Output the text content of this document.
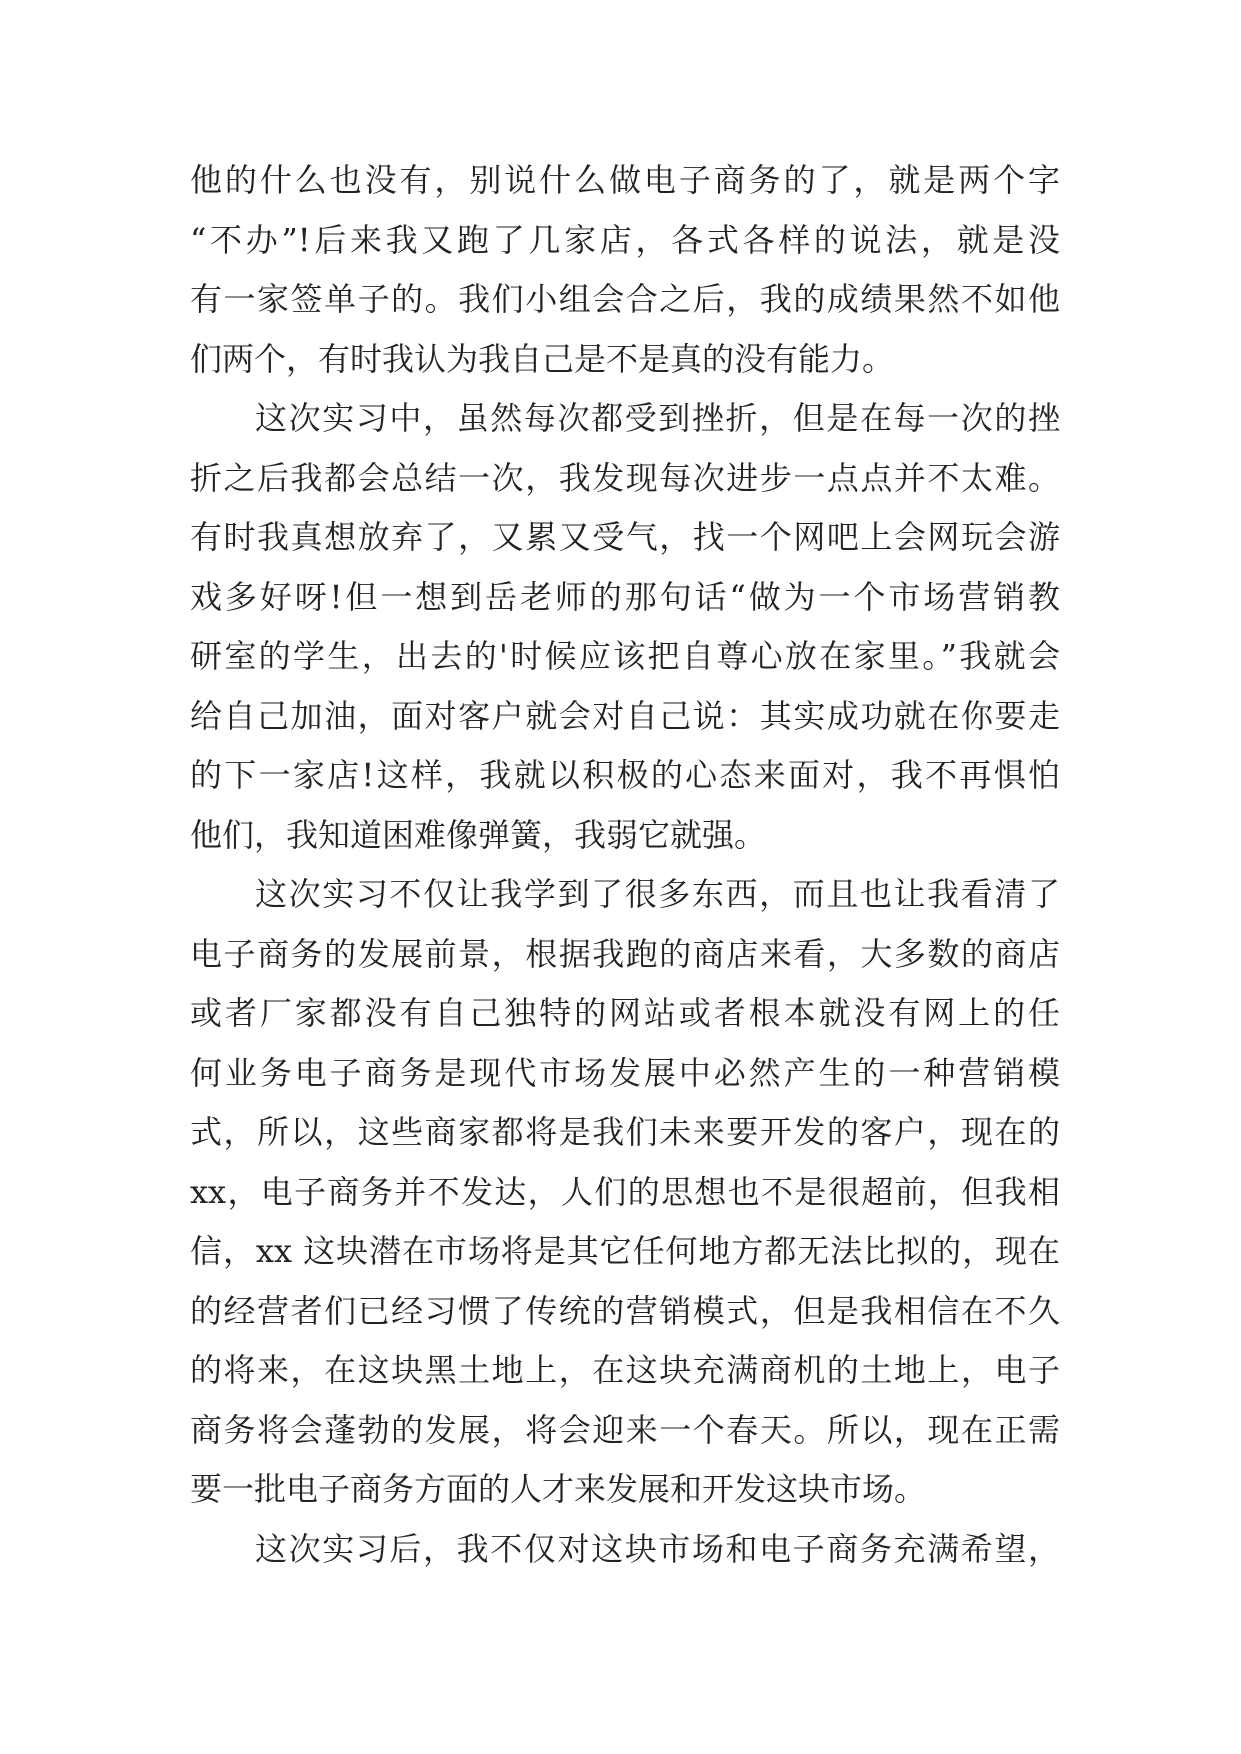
他的什么也没有，别说什么做电子商务的了，就是两个字
“不办”!后来我又跑了几家店，各式各样的说法，就是没
有一家签单子的。我们小组会合之后，我的成绩果然不如他
们两个，有时我认为我自己是不是真的没有能力。
这次实习中，虽然每次都受到挫折，但是在每一次的挫
折之后我都会总结一次，我发现每次进步一点点并不太难。
有时我真想放弃了，又累又受气，找一个网吧上会网玩会游
戏多好呀!但一想到岳老师的那句话“做为一个市场营销教
研室的学生，出去的'时候应该把自尊心放在家里。”我就会
给自己加油，面对客户就会对自己说：其实成功就在你要走
的下一家店!这样，我就以积极的心态来面对，我不再惧怕
他们，我知道困难像弹簧，我弱它就强。
这次实习不仅让我学到了很多东西，而且也让我看清了
电子商务的发展前景，根据我跑的商店来看，大多数的商店
或者厂家都没有自己独特的网站或者根本就没有网上的任
何业务电子商务是现代市场发展中必然产生的一种营销模
式，所以，这些商家都将是我们未来要开发的客户，现在的
xx，电子商务并不发达，人们的思想也不是很超前，但我相
信，xx 这块潜在市场将是其它任何地方都无法比拟的，现在
的经营者们已经习惯了传统的营销模式，但是我相信在不久
的将来，在这块黑土地上，在这块充满商机的土地上，电子
商务将会蓬勃的发展，将会迎来一个春天。所以，现在正需
要一批电子商务方面的人才来发展和开发这块市场。
这次实习后，我不仅对这块市场和电子商务充满希望，
